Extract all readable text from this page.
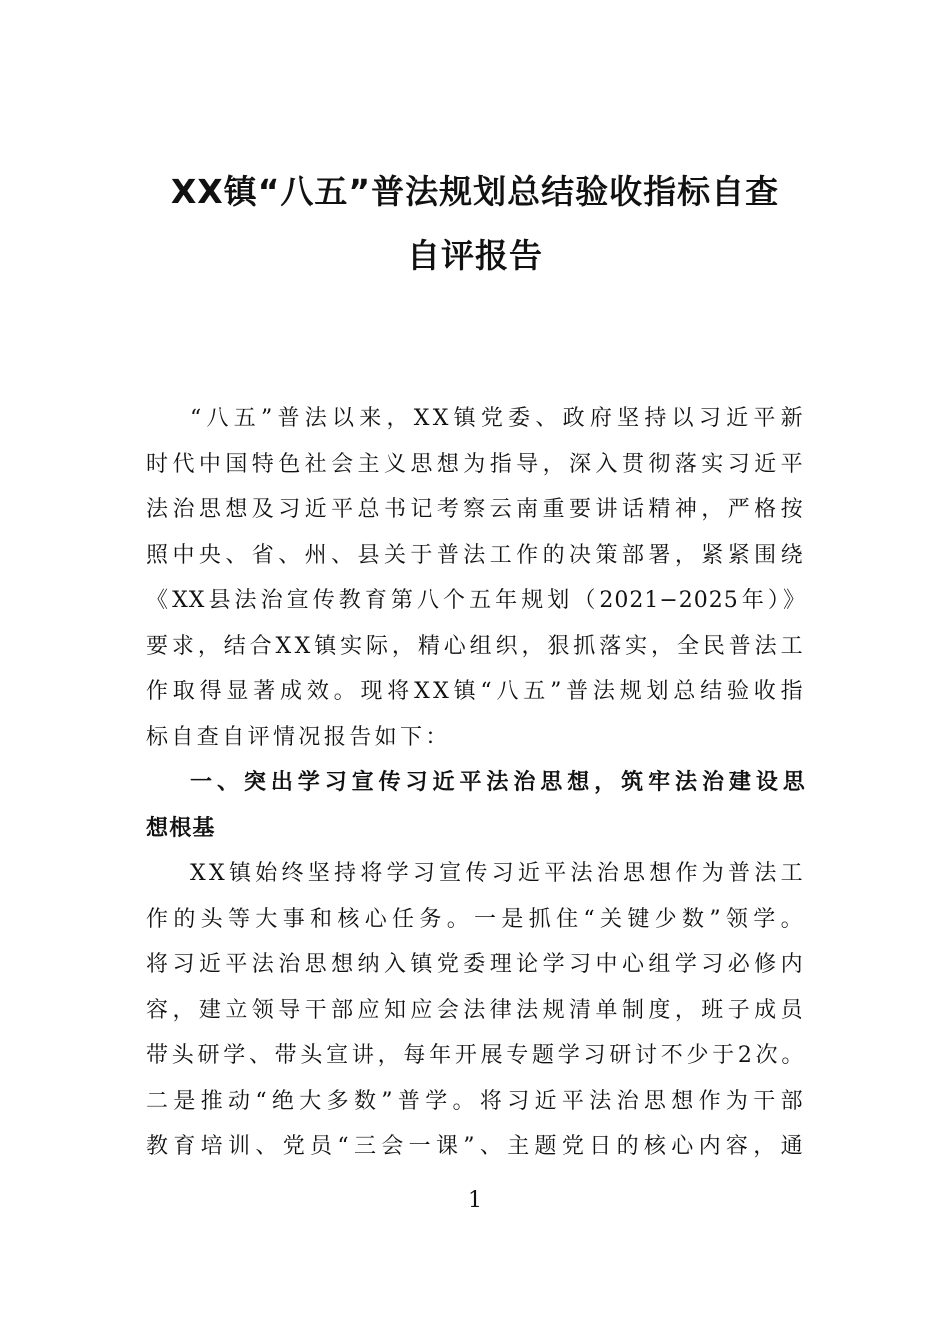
XX镇“八五”普法规划总结验收指标自查
自评报告
“八五”普法以来，XX镇党委、政府坚持以习近平新
时代中国特色社会主义思想为指导，深入贯彻落实习近平
法治思想及习近平总书记考察云南重要讲话精神，严格按
照中央、省、州、县关于普法工作的决策部署，紧紧围绕
《XX县法治宣传教育第八个五年规划（2021−2025年）》
要求，结合XX镇实际，精心组织，狠抓落实，全民普法工
作取得显著成效。现将XX镇“八五”普法规划总结验收指
标自查自评情况报告如下：
一、突出学习宣传习近平法治思想，筑牢法治建设思
想根基
XX镇始终坚持将学习宣传习近平法治思想作为普法工
作的头等大事和核心任务。一是抓住“关键少数”领学。
将习近平法治思想纳入镇党委理论学习中心组学习必修内
容，建立领导干部应知应会法律法规清单制度，班子成员
带头研学、带头宣讲，每年开展专题学习研讨不少于2次。
二是推动“绝大多数”普学。将习近平法治思想作为干部
教育培训、党员“三会一课”、主题党日的核心内容，通
1
